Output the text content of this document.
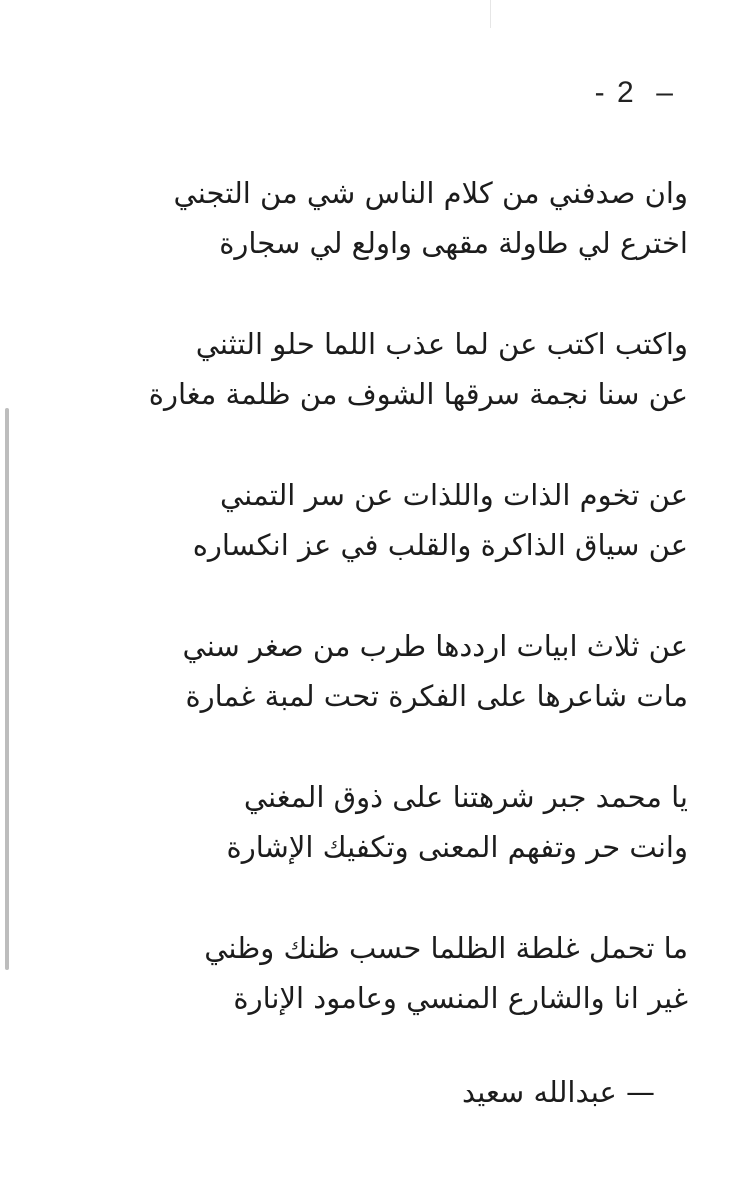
- 2  –
وان صدفني من كلام الناس شي من التجني
اخترع لي طاولة مقهى واولع لي سجارة
واكتب اكتب عن لما عذب اللما حلو التثني
عن سنا نجمة سرقها الشوف من ظلمة مغارة
عن تخوم الذات واللذات عن سر التمني
عن سياق الذاكرة والقلب في عز انكساره
عن ثلاث ابيات ارددها طرب من صغر سني
مات شاعرها على الفكرة تحت لمبة غمارة
يا محمد جبر شرهتنا على ذوق المغني
وانت حر وتفهم المعنى وتكفيك الإشارة
ما تحمل غلطة الظلما حسب ظنك وظني
غير انا والشارع المنسي وعامود الإنارة
— عبدالله سعيد
